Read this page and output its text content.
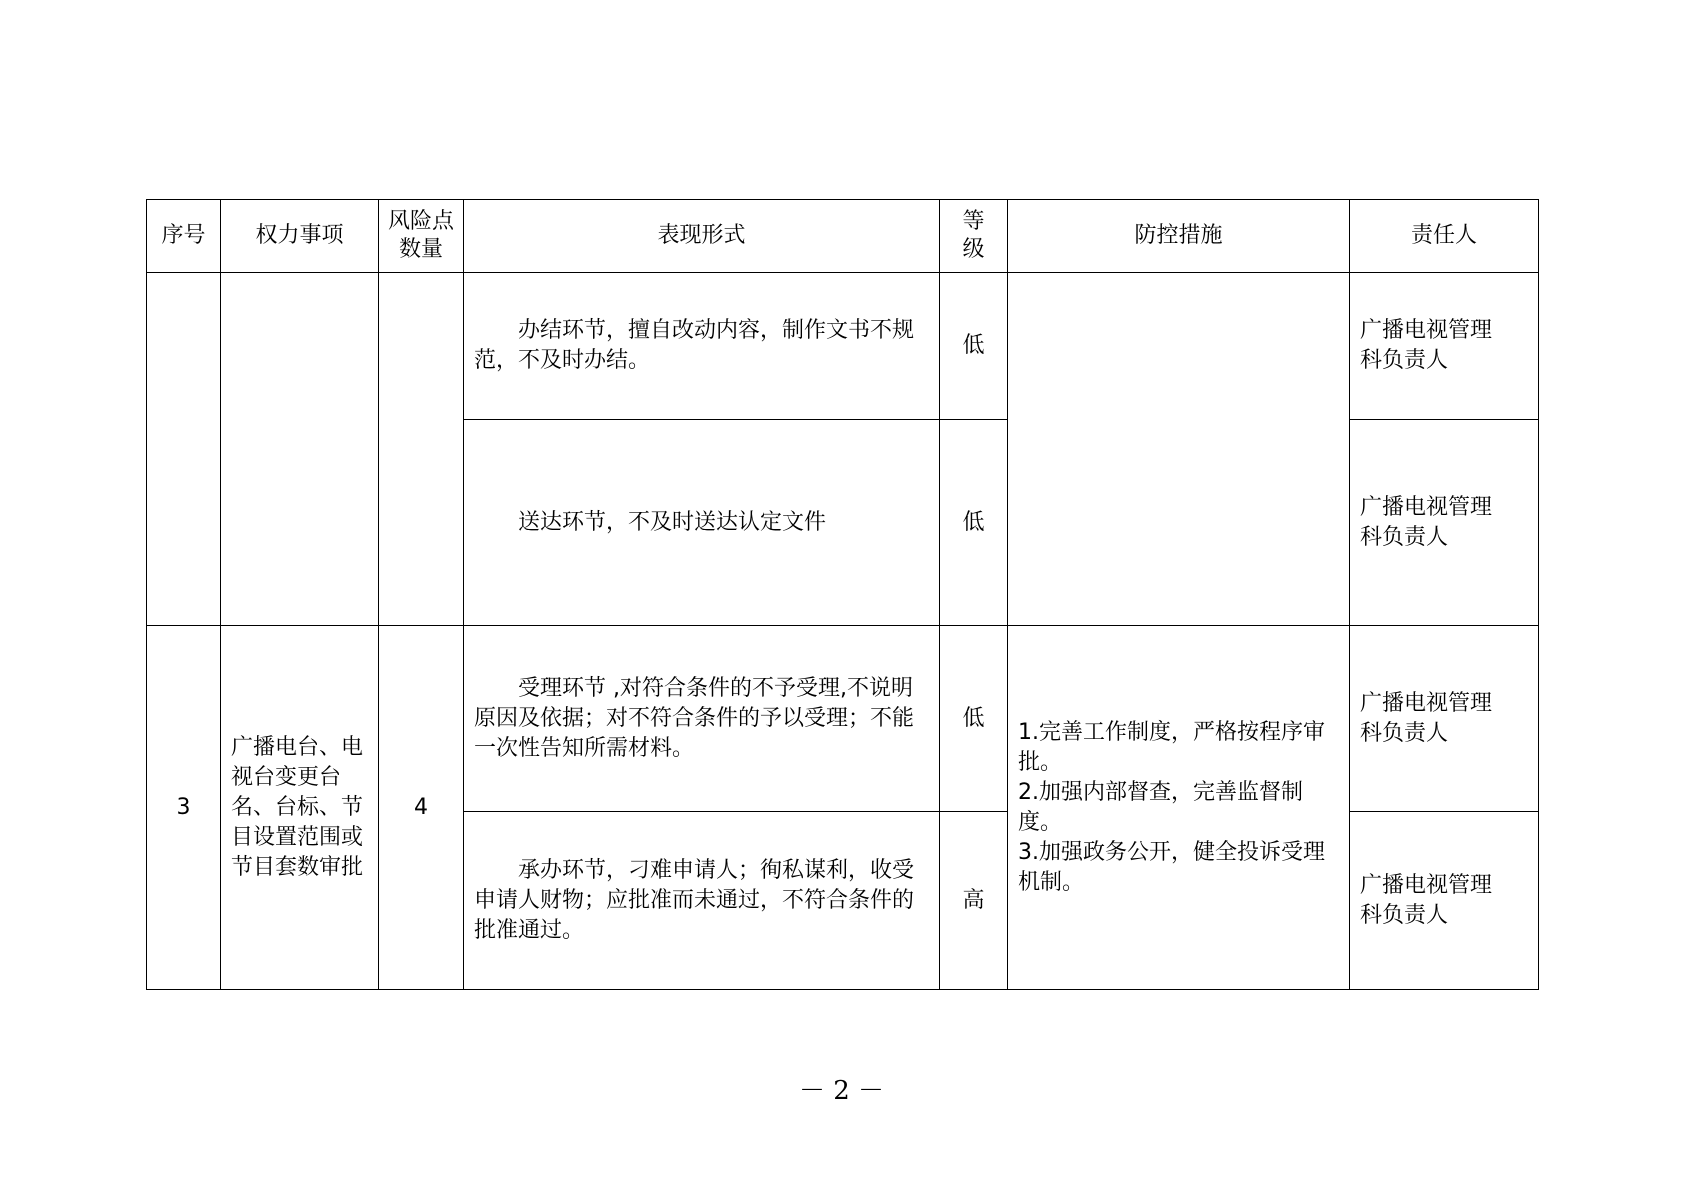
序号	权力事项	风险点数量	表现形式	等级	防控措施	责任人

			办结环节，擅自改动内容，制作文书不规范，不及时办结。	低		广播电视管理科负责人

			送达环节，不及时送达认定文件	低		广播电视管理科负责人

3	广播电台、电视台变更台名、台标、节目设置范围或节目套数审批	4	受理环节 ,对符合条件的不予受理,不说明原因及依据；对不符合条件的予以受理；不能一次性告知所需材料。	低	1.完善工作制度，严格按程序审批。
2.加强内部督查，完善监督制度。
3.加强政务公开，健全投诉受理机制。	广播电视管理科负责人

			承办环节，刁难申请人；徇私谋利，收受申请人财物；应批准而未通过，不符合条件的批准通过。	高		广播电视管理科负责人
－ 2 －
